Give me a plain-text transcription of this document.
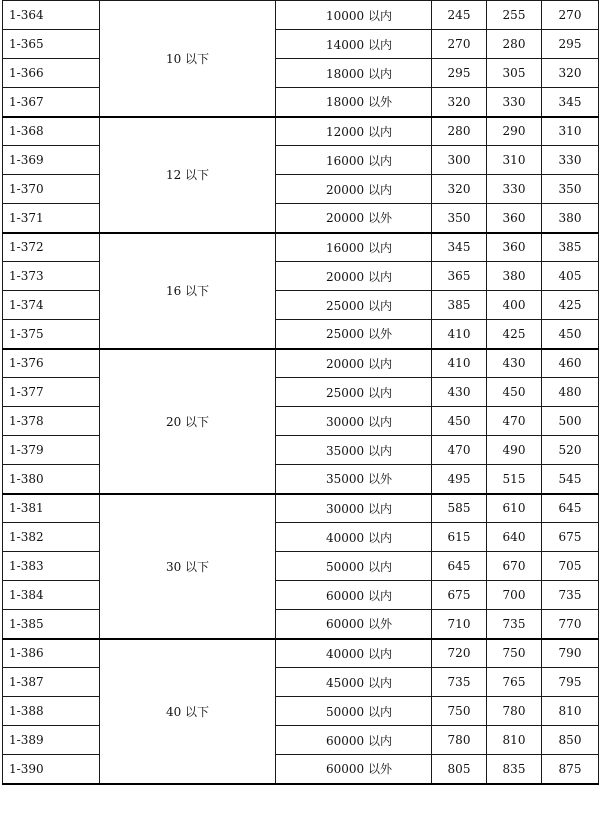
1-364	10 以下	10000 以内	245	255	270
1-365		14000 以内	270	280	295
1-366		18000 以内	295	305	320
1-367		18000 以外	320	330	345
1-368	12 以下	12000 以内	280	290	310
1-369		16000 以内	300	310	330
1-370		20000 以内	320	330	350
1-371		20000 以外	350	360	380
1-372	16 以下	16000 以内	345	360	385
1-373		20000 以内	365	380	405
1-374		25000 以内	385	400	425
1-375		25000 以外	410	425	450
1-376	20 以下	20000 以内	410	430	460
1-377		25000 以内	430	450	480
1-378		30000 以内	450	470	500
1-379		35000 以内	470	490	520
1-380		35000 以外	495	515	545
1-381	30 以下	30000 以内	585	610	645
1-382		40000 以内	615	640	675
1-383		50000 以内	645	670	705
1-384		60000 以内	675	700	735
1-385		60000 以外	710	735	770
1-386	40 以下	40000 以内	720	750	790
1-387		45000 以内	735	765	795
1-388		50000 以内	750	780	810
1-389		60000 以内	780	810	850
1-390		60000 以外	805	835	875
